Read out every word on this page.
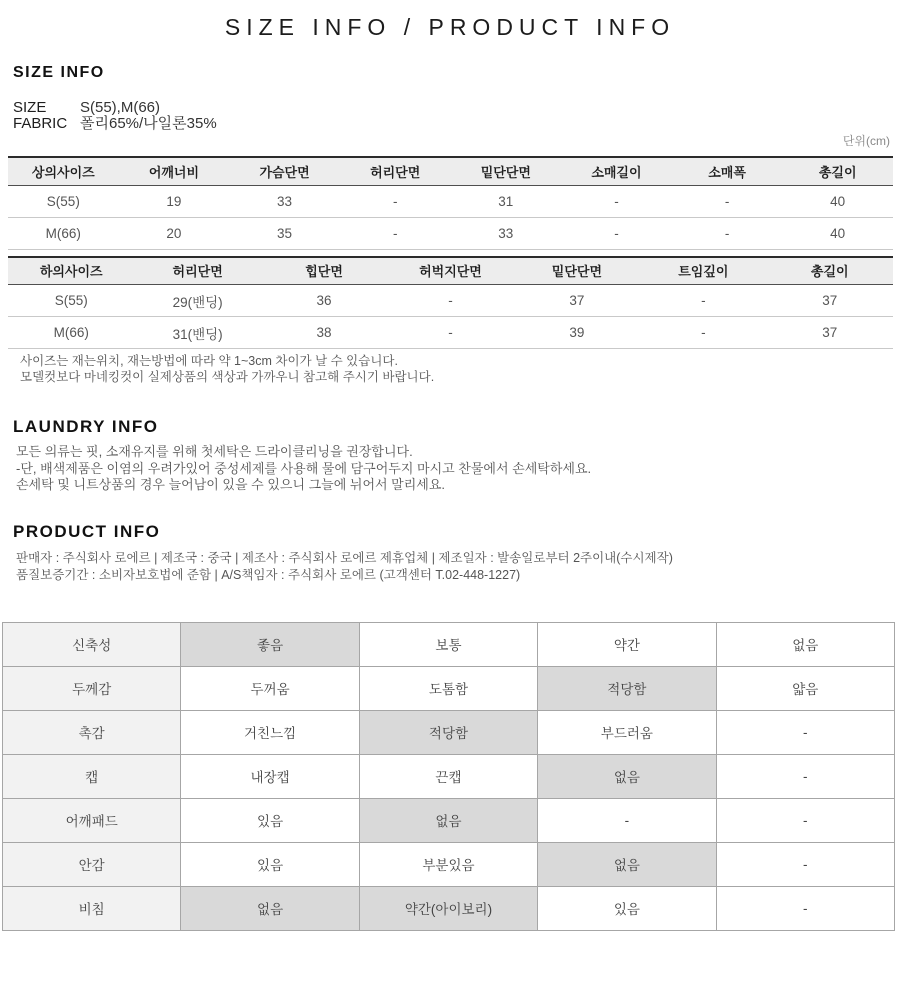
SIZE INFO / PRODUCT INFO
SIZE INFO
SIZE	S(55),M(66)
FABRIC 폴리65%/나일론35%
단위(cm)
상의사이즈	어깨너비	가슴단면	허리단면	밑단단면	소매길이	소매폭	총길이
S(55)	19	33	-	31	-	-	40
M(66)	20	35	-	33	-	-	40
하의사이즈	허리단면	힙단면	허벅지단면	밑단단면	트임깊이	총길이
S(55)	29(밴딩)	36	-	37	-	37
M(66)	31(밴딩)	38	-	39	-	37
사이즈는 재는위치, 재는방법에 따라 약 1~3cm 차이가 날 수 있습니다.
모델컷보다 마네킹컷이 실제상품의 색상과 가까우니 참고해 주시기 바랍니다.
LAUNDRY INFO
모든 의류는 핏, 소재유지를 위해 첫세탁은 드라이클리닝을 권장합니다.
-단, 배색제품은 이염의 우려가있어 중성세제를 사용해 물에 담구어두지 마시고 찬물에서 손세탁하세요.
손세탁 및 니트상품의 경우 늘어남이 있을 수 있으니 그늘에 뉘어서 말리세요.
PRODUCT INFO
판매자 : 주식회사 로에르 | 제조국 : 중국 | 제조사 : 주식회사 로에르 제휴업체 | 제조일자 : 발송일로부터 2주이내(수시제작)
품질보증기간 : 소비자보호법에 준함 | A/S책임자 : 주식회사 로에르 (고객센터 T.02-448-1227)
신축성	좋음	보통	약간	없음
두께감	두꺼움	도톰함	적당함	얇음
촉감	거친느낌	적당함	부드러움	-
캡	내장캡	끈캡	없음	-
어깨패드	있음	없음	-	-
안감	있음	부분있음	없음	-
비침	없음	약간(아이보리)	있음	-
